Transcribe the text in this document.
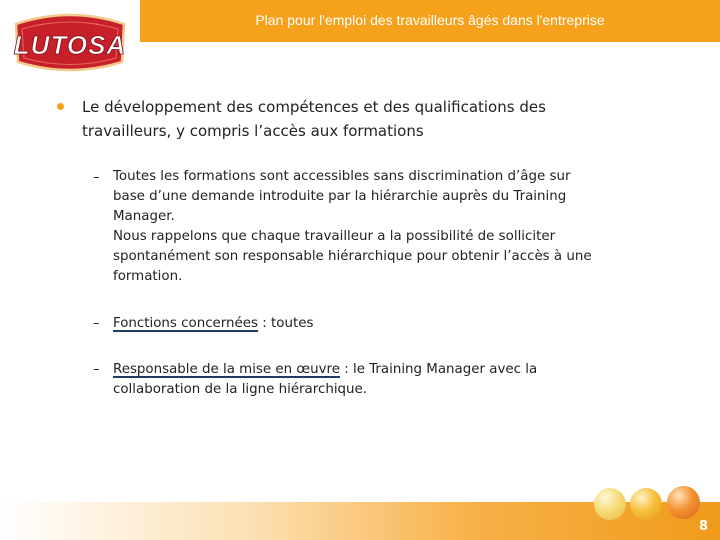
Plan pour l'emploi des travailleurs âgés dans l'entreprise
LUTOSA
Le développement des compétences et des qualifications des
travailleurs, y compris l’accès aux formations
– Toutes les formations sont accessibles sans discrimination d’âge sur
base d’une demande introduite par la hiérarchie auprès du Training
Manager.
Nous rappelons que chaque travailleur a la possibilité de solliciter
spontanément son responsable hiérarchique pour obtenir l’accès à une
formation.
– Fonctions concernées : toutes
– Responsable de la mise en œuvre : le Training Manager avec la
collaboration de la ligne hiérarchique.
8
